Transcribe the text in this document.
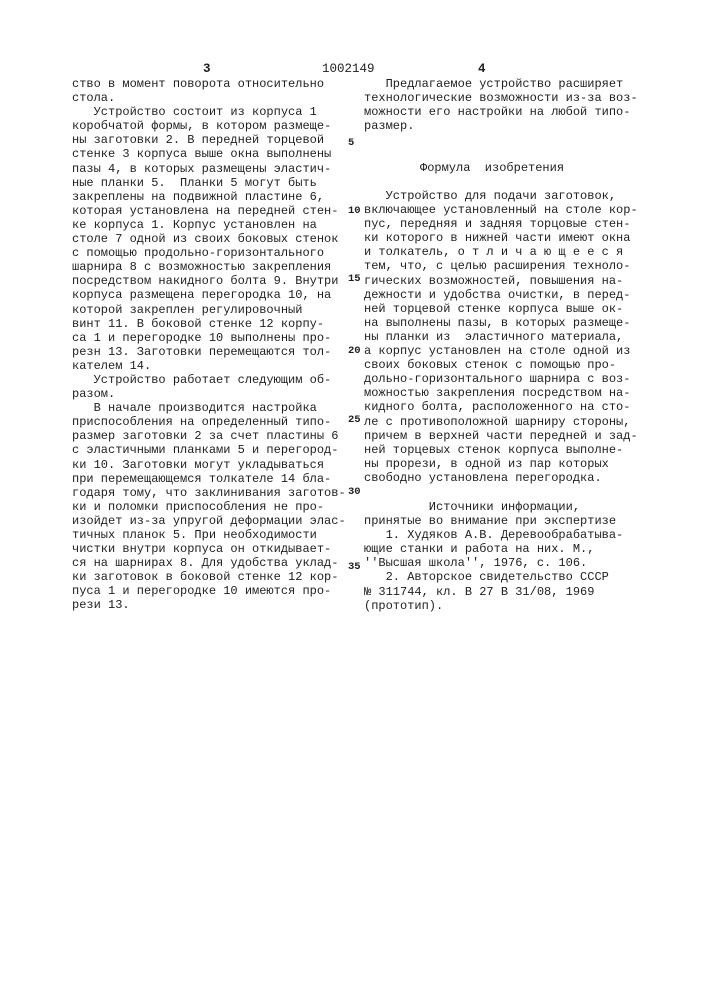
3	1002149	4
ство в момент поворота относительно
стола.
Устройство состоит из корпуса 1
коробчатой формы, в котором размеще-
ны заготовки 2. В передней торцевой
стенке 3 корпуса выше окна выполнены
пазы 4, в которых размещены эластич-
ные планки 5.  Планки 5 могут быть
закреплены на подвижной пластине 6,
которая установлена на передней стен-
ке корпуса 1. Корпус установлен на
столе 7 одной из своих боковых стенок
с помощью продольно-горизонтального
шарнира 8 с возможностью закрепления
посредством накидного болта 9. Внутри
корпуса размещена перегородка 10, на
которой закреплен регулировочный
винт 11. В боковой стенке 12 корпу-
са 1 и перегородке 10 выполнены про-
резн 13. Заготовки перемещаются тол-
кателем 14.
Устройство работает следующим об-
разом.
В начале производится настройка
приспособления на определенный типо-
размер заготовки 2 за счет пластины 6
с эластичными планками 5 и перегород-
ки 10. Заготовки могут укладываться
при перемещающемся толкателе 14 бла-
годаря тому, что заклинивания заготов-
ки и поломки приспособления не про-
изойдет из-за упругой деформации элас-
тичных планок 5. При необходимости
чистки внутри корпуса он откидывает-
ся на шарнирах 8. Для удобства уклад-
ки заготовок в боковой стенке 12 кор-
пуса 1 и перегородке 10 имеются про-
рези 13.
Предлагаемое устройство расширяет
технологические возможности из-за воз-
можности его настройки на любой типо-
размер.
Формула  изобретения
Устройство для подачи заготовок,
включающее установленный на столе кор-
пус, передняя и задняя торцовые стен-
ки которого в нижней части имеют окна
и толкатель, о т л и ч а ю щ е е с я
тем, что, с целью расширения техноло-
гических возможностей, повышения на-
дежности и удобства очистки, в перед-
ней торцевой стенке корпуса выше ок-
на выполнены пазы, в которых размеще-
ны планки из  эластичного материала,
а корпус установлен на столе одной из
своих боковых стенок с помощью про-
дольно-горизонтального шарнира с воз-
можностью закрепления посредством на-
кидного болта, расположенного на сто-
ле с противоположной шарниру стороны,
причем в верхней части передней и зад-
ней торцевых стенок корпуса выполне-
ны прорези, в одной из пар которых
свободно установлена перегородка.
Источники информации,
принятые во внимание при экспертизе
1. Худяков А.В. Деревообрабатыва-
ющие станки и работа на них. М.,
''Высшая школа'', 1976, с. 106.
2. Авторское свидетельство СССР
№ 311744, кл. В 27 В 31/08, 1969
(прототип).
5
10
15
20
25
30
35
